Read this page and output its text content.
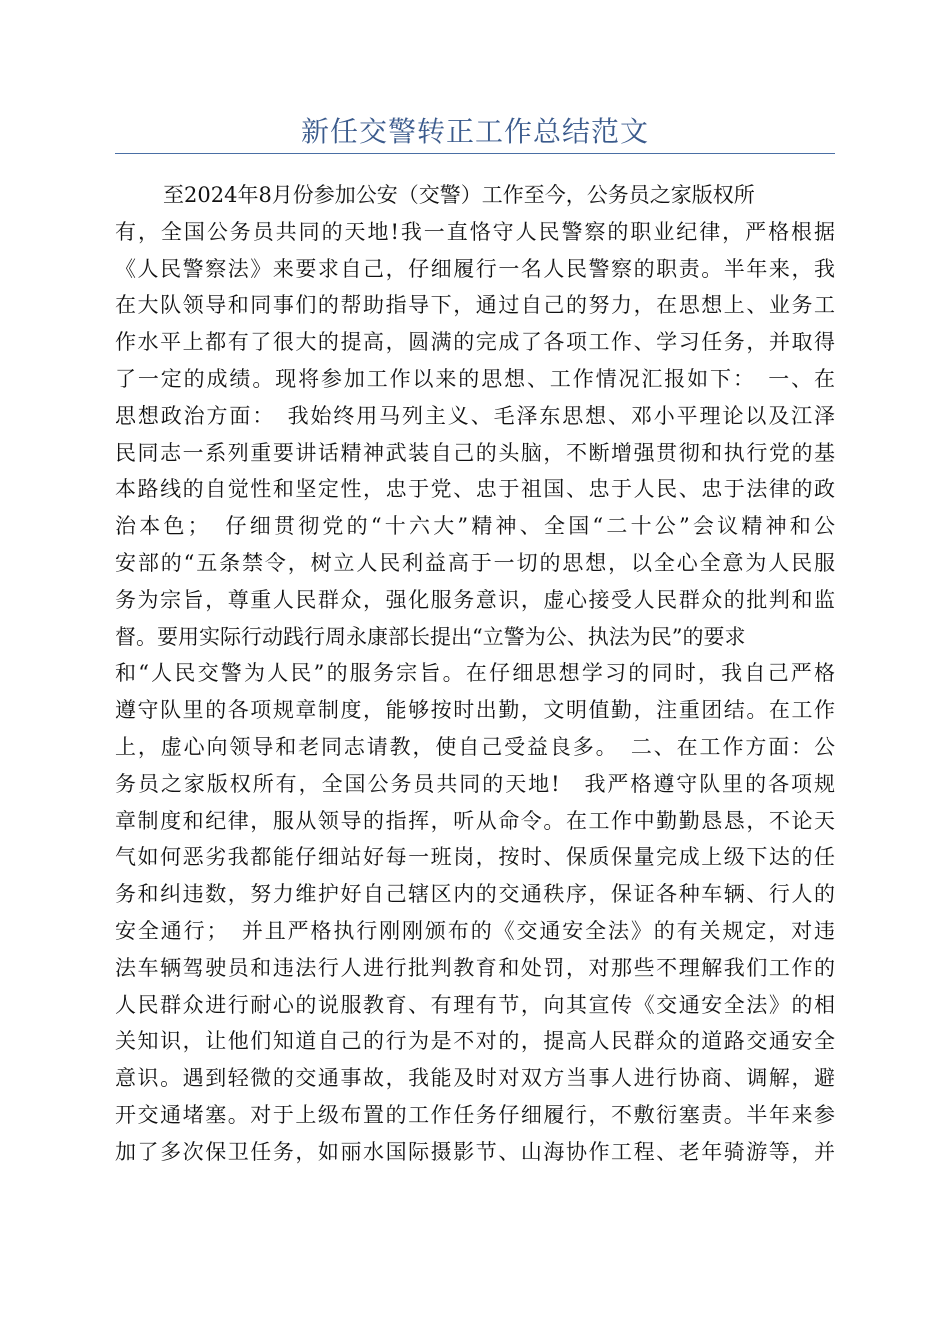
新任交警转正工作总结范文
至2024年8月份参加公安（交警）工作至今，公务员之家版权所
有，全国公务员共同的天地!我一直恪守人民警察的职业纪律，严格根据
《人民警察法》来要求自己，仔细履行一名人民警察的职责。半年来，我
在大队领导和同事们的帮助指导下，通过自己的努力，在思想上、业务工
作水平上都有了很大的提高，圆满的完成了各项工作、学习任务，并取得
了一定的成绩。现将参加工作以来的思想、工作情况汇报如下：　一、在
思想政治方面：　我始终用马列主义、毛泽东思想、邓小平理论以及江泽
民同志一系列重要讲话精神武装自己的头脑，不断增强贯彻和执行党的基
本路线的自觉性和坚定性，忠于党、忠于祖国、忠于人民、忠于法律的政
治本色；　仔细贯彻党的“十六大”精神、全国“二十公”会议精神和公
安部的“五条禁令，树立人民利益高于一切的思想，以全心全意为人民服
务为宗旨，尊重人民群众，强化服务意识，虚心接受人民群众的批判和监
督。要用实际行动践行周永康部长提出“立警为公、执法为民”的要求
和“人民交警为人民”的服务宗旨。在仔细思想学习的同时，我自己严格
遵守队里的各项规章制度，能够按时出勤，文明值勤，注重团结。在工作
上，虚心向领导和老同志请教，使自己受益良多。　二、在工作方面：公
务员之家版权所有，全国公务员共同的天地!　我严格遵守队里的各项规
章制度和纪律，服从领导的指挥，听从命令。在工作中勤勤恳恳，不论天
气如何恶劣我都能仔细站好每一班岗，按时、保质保量完成上级下达的任
务和纠违数，努力维护好自己辖区内的交通秩序，保证各种车辆、行人的
安全通行；　并且严格执行刚刚颁布的《交通安全法》的有关规定，对违
法车辆驾驶员和违法行人进行批判教育和处罚，对那些不理解我们工作的
人民群众进行耐心的说服教育、有理有节，向其宣传《交通安全法》的相
关知识，让他们知道自己的行为是不对的，提高人民群众的道路交通安全
意识。遇到轻微的交通事故，我能及时对双方当事人进行协商、调解，避
开交通堵塞。对于上级布置的工作任务仔细履行，不敷衍塞责。半年来参
加了多次保卫任务，如丽水国际摄影节、山海协作工程、老年骑游等，并
